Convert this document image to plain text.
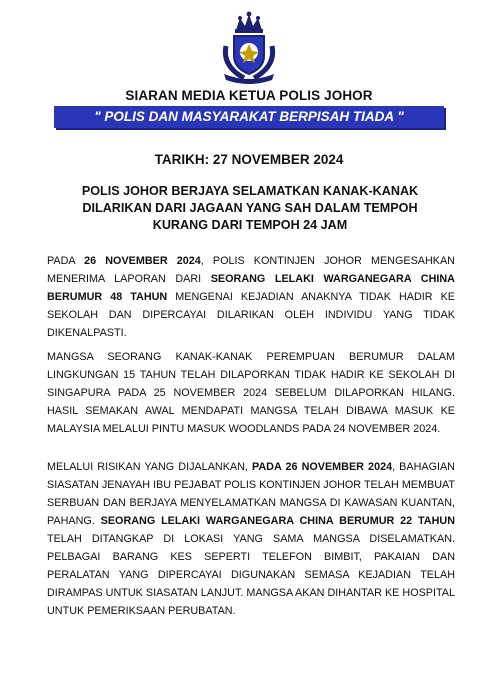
SIARAN MEDIA KETUA POLIS JOHOR
" POLIS DAN MASYARAKAT BERPISAH TIADA "
TARIKH: 27 NOVEMBER 2024
POLIS JOHOR BERJAYA SELAMATKAN KANAK-KANAK DILARIKAN DARI JAGAAN YANG SAH DALAM TEMPOH KURANG DARI TEMPOH 24 JAM

PADA 26 NOVEMBER 2024, POLIS KONTINJEN JOHOR MENGESAHKAN MENERIMA LAPORAN DARI SEORANG LELAKI WARGANEGARA CHINA BERUMUR 48 TAHUN MENGENAI KEJADIAN ANAKNYA TIDAK HADIR KE SEKOLAH DAN DIPERCAYAI DILARIKAN OLEH INDIVIDU YANG TIDAK DIKENALPASTI.

MANGSA SEORANG KANAK-KANAK PEREMPUAN BERUMUR DALAM LINGKUNGAN 15 TAHUN TELAH DILAPORKAN TIDAK HADIR KE SEKOLAH DI SINGAPURA PADA 25 NOVEMBER 2024 SEBELUM DILAPORKAN HILANG. HASIL SEMAKAN AWAL MENDAPATI MANGSA TELAH DIBAWA MASUK KE MALAYSIA MELALUI PINTU MASUK WOODLANDS PADA 24 NOVEMBER 2024.

MELALUI RISIKAN YANG DIJALANKAN, PADA 26 NOVEMBER 2024, BAHAGIAN SIASATAN JENAYAH IBU PEJABAT POLIS KONTINJEN JOHOR TELAH MEMBUAT SERBUAN DAN BERJAYA MENYELAMATKAN MANGSA DI KAWASAN KUANTAN, PAHANG. SEORANG LELAKI WARGANEGARA CHINA BERUMUR 22 TAHUN TELAH DITANGKAP DI LOKASI YANG SAMA MANGSA DISELAMATKAN. PELBAGAI BARANG KES SEPERTI TELEFON BIMBIT, PAKAIAN DAN PERALATAN YANG DIPERCAYAI DIGUNAKAN SEMASA KEJADIAN TELAH DIRAMPAS UNTUK SIASATAN LANJUT. MANGSA AKAN DIHANTAR KE HOSPITAL UNTUK PEMERIKSAAN PERUBATAN.
